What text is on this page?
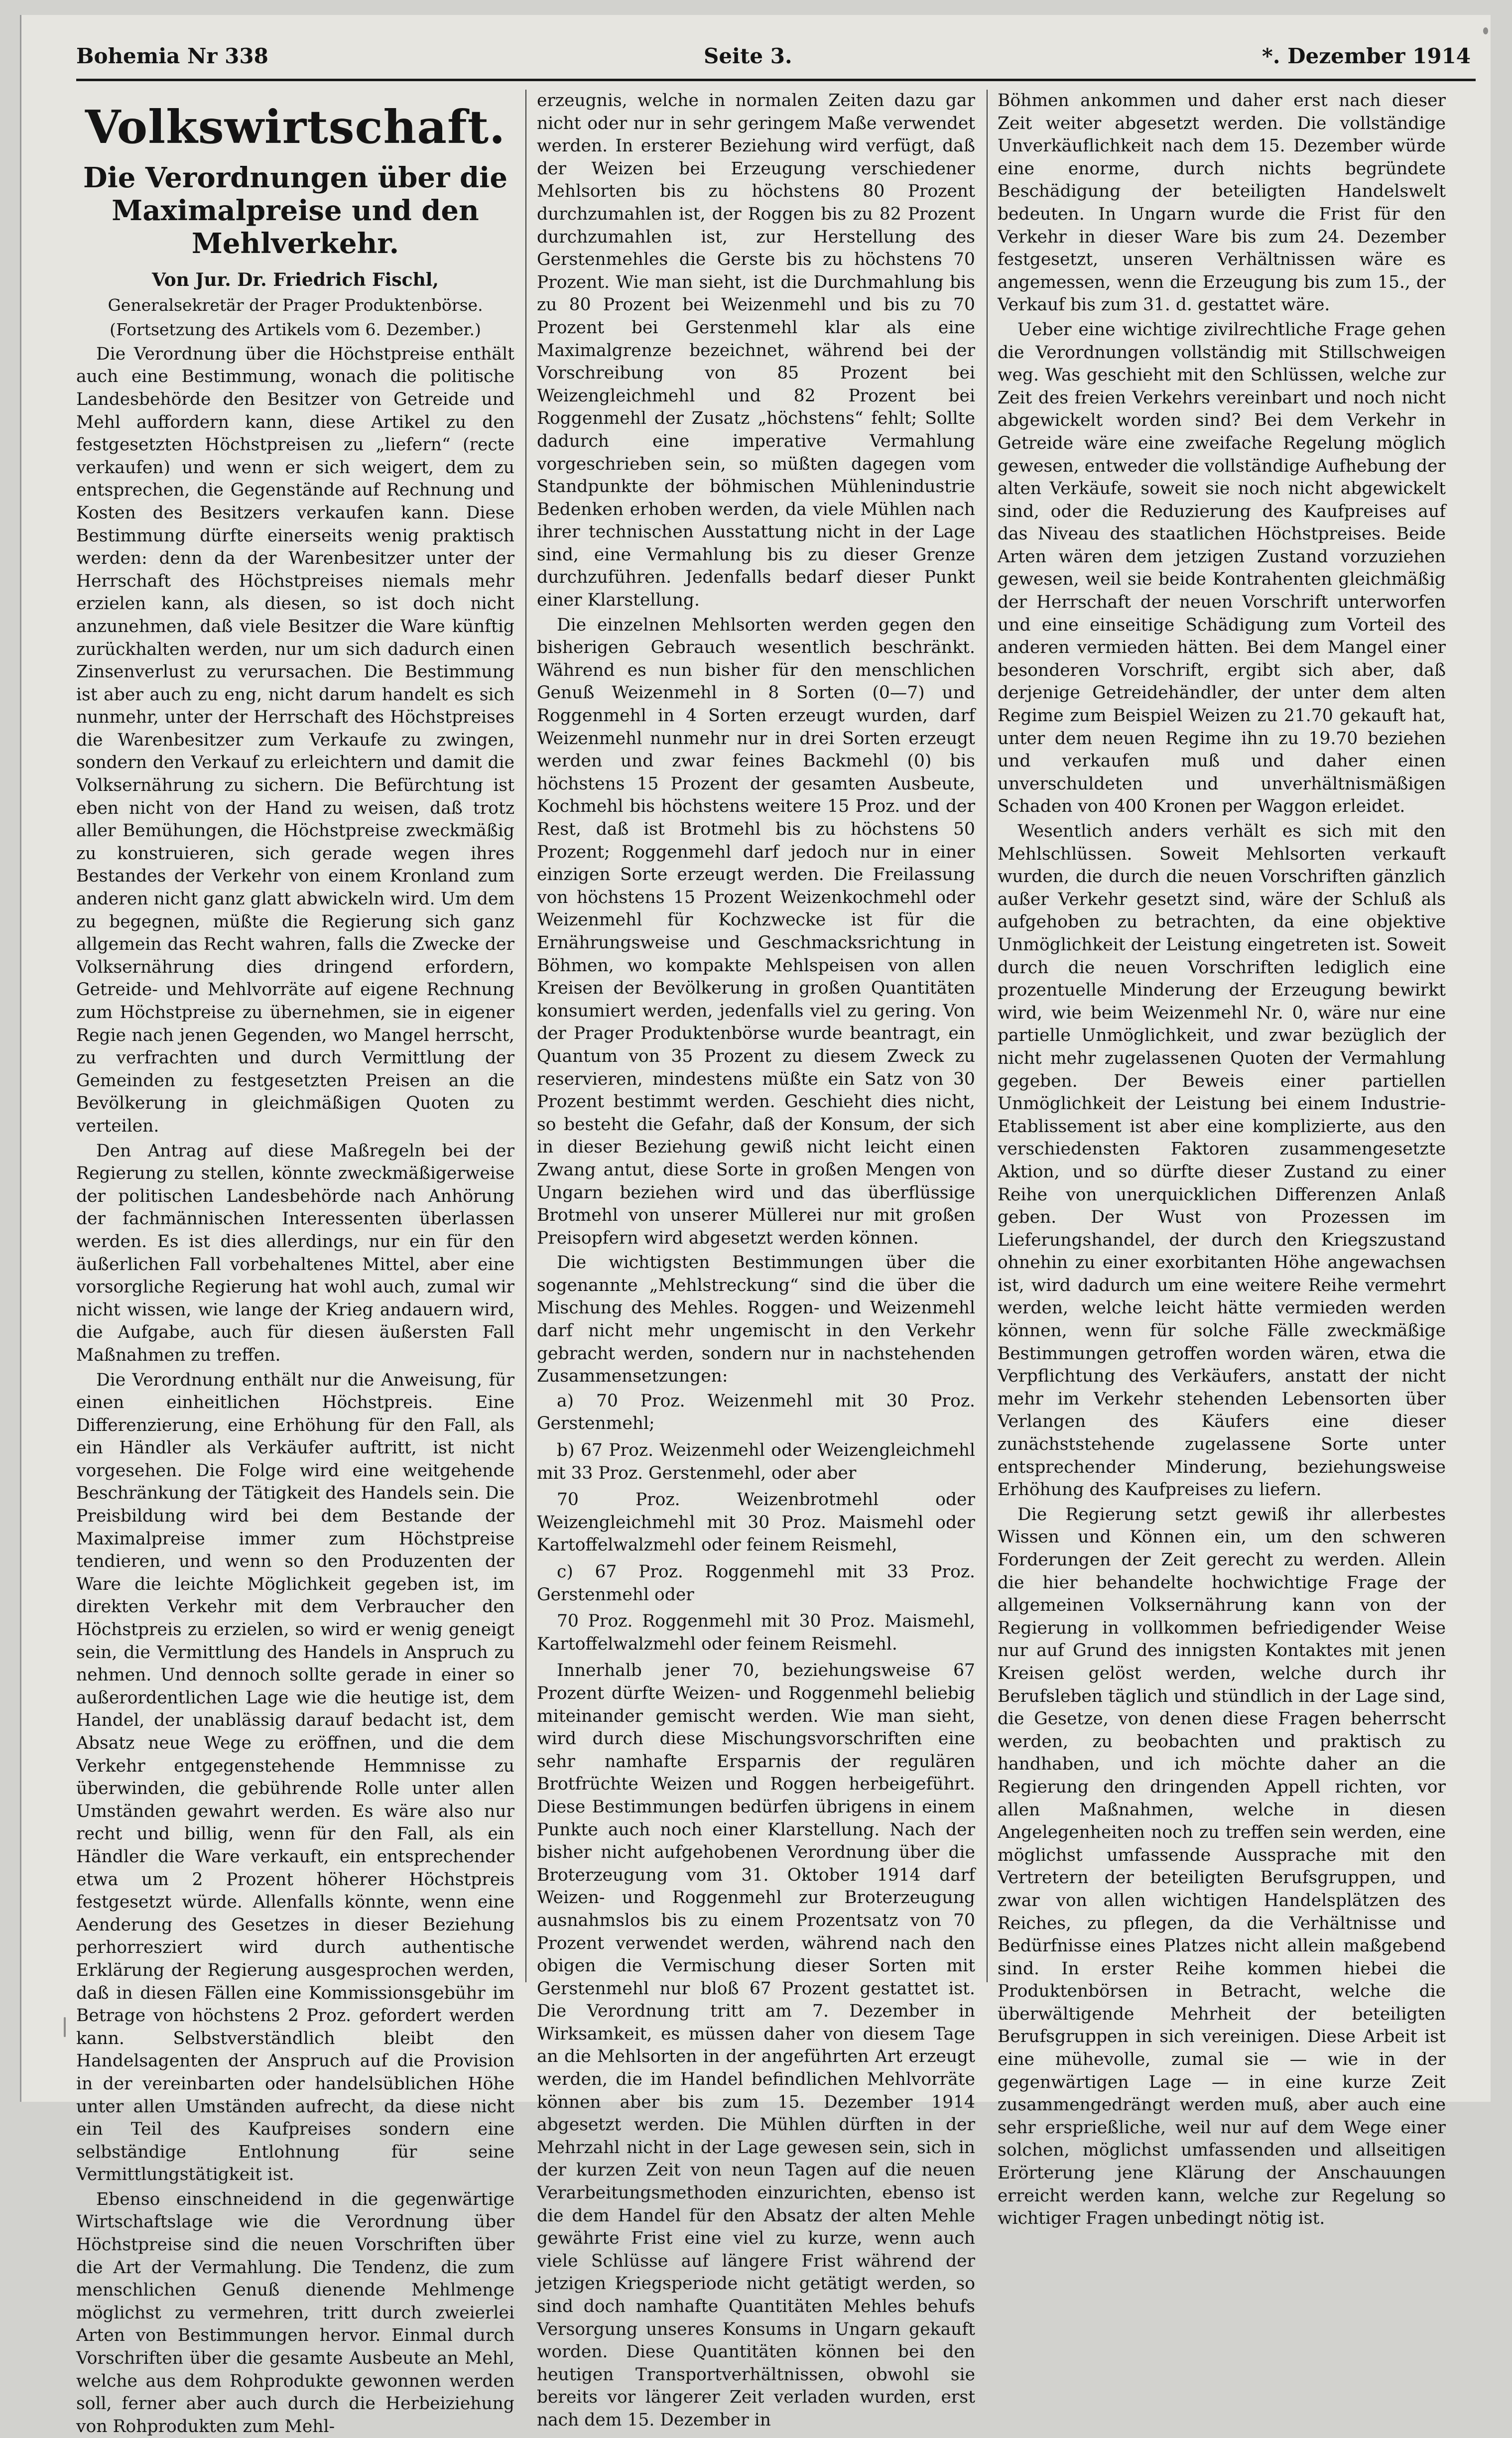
Bohemia Nr 338	Seite 3.	*. Dezember 1914
Volkswirtschaft.
Die Verordnungen über die Maximalpreise und den Mehlverkehr.

Von Jur. Dr. Friedrich Fischl,

Generalsekretär der Prager Produktenbörse.

(Fortsetzung des Artikels vom 6. Dezember.)

Die Verordnung über die Höchstpreise enthält auch eine Bestimmung, wonach die politische Landesbehörde den Besitzer von Getreide und Mehl auffordern kann, diese Artikel zu den festgesetzten Höchstpreisen zu „liefern“ (recte verkaufen) und wenn er sich weigert, dem zu entsprechen, die Gegenstände auf Rechnung und Kosten des Besitzers verkaufen kann. Diese Bestimmung dürfte einerseits wenig praktisch werden: denn da der Warenbesitzer unter der Herrschaft des Höchstpreises niemals mehr erzielen kann, als diesen, so ist doch nicht anzunehmen, daß viele Besitzer die Ware künftig zurückhalten werden, nur um sich dadurch einen Zinsenverlust zu verursachen. Die Bestimmung ist aber auch zu eng, nicht darum handelt es sich nunmehr, unter der Herrschaft des Höchstpreises die Warenbesitzer zum Verkaufe zu zwingen, sondern den Verkauf zu erleichtern und damit die Volksernährung zu sichern. Die Befürchtung ist eben nicht von der Hand zu weisen, daß trotz aller Bemühungen, die Höchstpreise zweckmäßig zu konstruieren, sich gerade wegen ihres Bestandes der Verkehr von einem Kronland zum anderen nicht ganz glatt abwickeln wird. Um dem zu begegnen, müßte die Regierung sich ganz allgemein das Recht wahren, falls die Zwecke der Volksernährung dies dringend erfordern, Getreide- und Mehlvorräte auf eigene Rechnung zum Höchstpreise zu übernehmen, sie in eigener Regie nach jenen Gegenden, wo Mangel herrscht, zu verfrachten und durch Vermittlung der Gemeinden zu festgesetzten Preisen an die Bevölkerung in gleichmäßigen Quoten zu verteilen.

Den Antrag auf diese Maßregeln bei der Regierung zu stellen, könnte zweckmäßigerweise der politischen Landesbehörde nach Anhörung der fachmännischen Interessenten überlassen werden. Es ist dies allerdings, nur ein für den äußerlichen Fall vorbehaltenes Mittel, aber eine vorsorgliche Regierung hat wohl auch, zumal wir nicht wissen, wie lange der Krieg andauern wird, die Aufgabe, auch für diesen äußersten Fall Maßnahmen zu treffen.

Die Verordnung enthält nur die Anweisung, für einen einheitlichen Höchstpreis. Eine Differenzierung, eine Erhöhung für den Fall, als ein Händler als Verkäufer auftritt, ist nicht vorgesehen. Die Folge wird eine weitgehende Beschränkung der Tätigkeit des Handels sein. Die Preisbildung wird bei dem Bestande der Maximalpreise immer zum Höchstpreise tendieren, und wenn so den Produzenten der Ware die leichte Möglichkeit gegeben ist, im direkten Verkehr mit dem Verbraucher den Höchstpreis zu erzielen, so wird er wenig geneigt sein, die Vermittlung des Handels in Anspruch zu nehmen. Und dennoch sollte gerade in einer so außerordentlichen Lage wie die heutige ist, dem Handel, der unablässig darauf bedacht ist, dem Absatz neue Wege zu eröffnen, und die dem Verkehr entgegenstehende Hemmnisse zu überwinden, die gebührende Rolle unter allen Umständen gewahrt werden. Es wäre also nur recht und billig, wenn für den Fall, als ein Händler die Ware verkauft, ein entsprechender etwa um 2 Prozent höherer Höchstpreis festgesetzt würde. Allenfalls könnte, wenn eine Aenderung des Gesetzes in dieser Beziehung perhorresziert wird durch authentische Erklärung der Regierung ausgesprochen werden, daß in diesen Fällen eine Kommissionsgebühr im Betrage von höchstens 2 Proz. gefordert werden kann. Selbstverständlich bleibt den Handelsagenten der Anspruch auf die Provision in der vereinbarten oder handelsüblichen Höhe unter allen Umständen aufrecht, da diese nicht ein Teil des Kaufpreises sondern eine selbständige Entlohnung für seine Vermittlungstätigkeit ist.

Ebenso einschneidend in die gegenwärtige Wirtschaftslage wie die Verordnung über Höchstpreise sind die neuen Vorschriften über die Art der Vermahlung. Die Tendenz, die zum menschlichen Genuß dienende Mehlmenge möglichst zu vermehren, tritt durch zweierlei Arten von Bestimmungen hervor. Einmal durch Vorschriften über die gesamte Ausbeute an Mehl, welche aus dem Rohprodukte gewonnen werden soll, ferner aber auch durch die Herbeiziehung von Rohprodukten zum Mehl-

erzeugnis, welche in normalen Zeiten dazu gar nicht oder nur in sehr geringem Maße verwendet werden. In ersterer Beziehung wird verfügt, daß der Weizen bei Erzeugung verschiedener Mehlsorten bis zu höchstens 80 Prozent durchzumahlen ist, der Roggen bis zu 82 Prozent durchzumahlen ist, zur Herstellung des Gerstenmehles die Gerste bis zu höchstens 70 Prozent. Wie man sieht, ist die Durchmahlung bis zu 80 Prozent bei Weizenmehl und bis zu 70 Prozent bei Gerstenmehl klar als eine Maximalgrenze bezeichnet, während bei der Vorschreibung von 85 Prozent bei Weizengleichmehl und 82 Prozent bei Roggenmehl der Zusatz „höchstens“ fehlt; Sollte dadurch eine imperative Vermahlung vorgeschrieben sein, so müßten dagegen vom Standpunkte der böhmischen Mühlenindustrie Bedenken erhoben werden, da viele Mühlen nach ihrer technischen Ausstattung nicht in der Lage sind, eine Vermahlung bis zu dieser Grenze durchzuführen. Jedenfalls bedarf dieser Punkt einer Klarstellung.

Die einzelnen Mehlsorten werden gegen den bisherigen Gebrauch wesentlich beschränkt. Während es nun bisher für den menschlichen Genuß Weizenmehl in 8 Sorten (0—7) und Roggenmehl in 4 Sorten erzeugt wurden, darf Weizenmehl nunmehr nur in drei Sorten erzeugt werden und zwar feines Backmehl (0) bis höchstens 15 Prozent der gesamten Ausbeute, Kochmehl bis höchstens weitere 15 Proz. und der Rest, daß ist Brotmehl bis zu höchstens 50 Prozent; Roggenmehl darf jedoch nur in einer einzigen Sorte erzeugt werden. Die Freilassung von höchstens 15 Prozent Weizenkochmehl oder Weizenmehl für Kochzwecke ist für die Ernährungsweise und Geschmacksrichtung in Böhmen, wo kompakte Mehlspeisen von allen Kreisen der Bevölkerung in großen Quantitäten konsumiert werden, jedenfalls viel zu gering. Von der Prager Produktenbörse wurde beantragt, ein Quantum von 35 Prozent zu diesem Zweck zu reservieren, mindestens müßte ein Satz von 30 Prozent bestimmt werden. Geschieht dies nicht, so besteht die Gefahr, daß der Konsum, der sich in dieser Beziehung gewiß nicht leicht einen Zwang antut, diese Sorte in großen Mengen von Ungarn beziehen wird und das überflüssige Brotmehl von unserer Müllerei nur mit großen Preisopfern wird abgesetzt werden können.

Die wichtigsten Bestimmungen über die sogenannte „Mehlstreckung“ sind die über die Mischung des Mehles. Roggen- und Weizenmehl darf nicht mehr ungemischt in den Verkehr gebracht werden, sondern nur in nachstehenden Zusammensetzungen:

a) 70 Proz. Weizenmehl mit 30 Proz. Gerstenmehl;

b) 67 Proz. Weizenmehl oder Weizengleichmehl mit 33 Proz. Gerstenmehl, oder aber

70 Proz. Weizenbrotmehl oder Weizengleichmehl mit 30 Proz. Maismehl oder Kartoffelwalzmehl oder feinem Reismehl,

c) 67 Proz. Roggenmehl mit 33 Proz. Gerstenmehl oder

70 Proz. Roggenmehl mit 30 Proz. Maismehl, Kartoffelwalzmehl oder feinem Reismehl.

Innerhalb jener 70, beziehungsweise 67 Prozent dürfte Weizen- und Roggenmehl beliebig miteinander gemischt werden. Wie man sieht, wird durch diese Mischungsvorschriften eine sehr namhafte Ersparnis der regulären Brotfrüchte Weizen und Roggen herbeigeführt. Diese Bestimmungen bedürfen übrigens in einem Punkte auch noch einer Klarstellung. Nach der bisher nicht aufgehobenen Verordnung über die Broterzeugung vom 31. Oktober 1914 darf Weizen- und Roggenmehl zur Broterzeugung ausnahmslos bis zu einem Prozentsatz von 70 Prozent verwendet werden, während nach den obigen die Vermischung dieser Sorten mit Gerstenmehl nur bloß 67 Prozent gestattet ist. Die Verordnung tritt am 7. Dezember in Wirksamkeit, es müssen daher von diesem Tage an die Mehlsorten in der angeführten Art erzeugt werden, die im Handel befindlichen Mehlvorräte können aber bis zum 15. Dezember 1914 abgesetzt werden. Die Mühlen dürften in der Mehrzahl nicht in der Lage gewesen sein, sich in der kurzen Zeit von neun Tagen auf die neuen Verarbeitungsmethoden einzurichten, ebenso ist die dem Handel für den Absatz der alten Mehle gewährte Frist eine viel zu kurze, wenn auch viele Schlüsse auf längere Frist während der jetzigen Kriegsperiode nicht getätigt werden, so sind doch namhafte Quantitäten Mehles behufs Versorgung unseres Konsums in Ungarn gekauft worden. Diese Quantitäten können bei den heutigen Transportverhältnissen, obwohl sie bereits vor längerer Zeit verladen wurden, erst nach dem 15. Dezember in

Böhmen ankommen und daher erst nach dieser Zeit weiter abgesetzt werden. Die vollständige Unverkäuflichkeit nach dem 15. Dezember würde eine enorme, durch nichts begründete Beschädigung der beteiligten Handelswelt bedeuten. In Ungarn wurde die Frist für den Verkehr in dieser Ware bis zum 24. Dezember festgesetzt, unseren Verhältnissen wäre es angemessen, wenn die Erzeugung bis zum 15., der Verkauf bis zum 31. d. gestattet wäre.

Ueber eine wichtige zivilrechtliche Frage gehen die Verordnungen vollständig mit Stillschweigen weg. Was geschieht mit den Schlüssen, welche zur Zeit des freien Verkehrs vereinbart und noch nicht abgewickelt worden sind? Bei dem Verkehr in Getreide wäre eine zweifache Regelung möglich gewesen, entweder die vollständige Aufhebung der alten Verkäufe, soweit sie noch nicht abgewickelt sind, oder die Reduzierung des Kaufpreises auf das Niveau des staatlichen Höchstpreises. Beide Arten wären dem jetzigen Zustand vorzuziehen gewesen, weil sie beide Kontrahenten gleichmäßig der Herrschaft der neuen Vorschrift unterworfen und eine einseitige Schädigung zum Vorteil des anderen vermieden hätten. Bei dem Mangel einer besonderen Vorschrift, ergibt sich aber, daß derjenige Getreidehändler, der unter dem alten Regime zum Beispiel Weizen zu 21.70 gekauft hat, unter dem neuen Regime ihn zu 19.70 beziehen und verkaufen muß und daher einen unverschuldeten und unverhältnismäßigen Schaden von 400 Kronen per Waggon erleidet.

Wesentlich anders verhält es sich mit den Mehlschlüssen. Soweit Mehlsorten verkauft wurden, die durch die neuen Vorschriften gänzlich außer Verkehr gesetzt sind, wäre der Schluß als aufgehoben zu betrachten, da eine objektive Unmöglichkeit der Leistung eingetreten ist. Soweit durch die neuen Vorschriften lediglich eine prozentuelle Minderung der Erzeugung bewirkt wird, wie beim Weizenmehl Nr. 0, wäre nur eine partielle Unmöglichkeit, und zwar bezüglich der nicht mehr zugelassenen Quoten der Vermahlung gegeben. Der Beweis einer partiellen Unmöglichkeit der Leistung bei einem Industrie-Etablissement ist aber eine komplizierte, aus den verschiedensten Faktoren zusammengesetzte Aktion, und so dürfte dieser Zustand zu einer Reihe von unerquicklichen Differenzen Anlaß geben. Der Wust von Prozessen im Lieferungshandel, der durch den Kriegszustand ohnehin zu einer exorbitanten Höhe angewachsen ist, wird dadurch um eine weitere Reihe vermehrt werden, welche leicht hätte vermieden werden können, wenn für solche Fälle zweckmäßige Bestimmungen getroffen worden wären, etwa die Verpflichtung des Verkäufers, anstatt der nicht mehr im Verkehr stehenden Lebensorten über Verlangen des Käufers eine dieser zunächststehende zugelassene Sorte unter entsprechender Minderung, beziehungsweise Erhöhung des Kaufpreises zu liefern.

Die Regierung setzt gewiß ihr allerbestes Wissen und Können ein, um den schweren Forderungen der Zeit gerecht zu werden. Allein die hier behandelte hochwichtige Frage der allgemeinen Volksernährung kann von der Regierung in vollkommen befriedigender Weise nur auf Grund des innigsten Kontaktes mit jenen Kreisen gelöst werden, welche durch ihr Berufsleben täglich und stündlich in der Lage sind, die Gesetze, von denen diese Fragen beherrscht werden, zu beobachten und praktisch zu handhaben, und ich möchte daher an die Regierung den dringenden Appell richten, vor allen Maßnahmen, welche in diesen Angelegenheiten noch zu treffen sein werden, eine möglichst umfassende Aussprache mit den Vertretern der beteiligten Berufsgruppen, und zwar von allen wichtigen Handelsplätzen des Reiches, zu pflegen, da die Verhältnisse und Bedürfnisse eines Platzes nicht allein maßgebend sind. In erster Reihe kommen hiebei die Produktenbörsen in Betracht, welche die überwältigende Mehrheit der beteiligten Berufsgruppen in sich vereinigen. Diese Arbeit ist eine mühevolle, zumal sie — wie in der gegenwärtigen Lage — in eine kurze Zeit zusammengedrängt werden muß, aber auch eine sehr ersprießliche, weil nur auf dem Wege einer solchen, möglichst umfassenden und allseitigen Erörterung jene Klärung der Anschauungen erreicht werden kann, welche zur Regelung so wichtiger Fragen unbedingt nötig ist.
